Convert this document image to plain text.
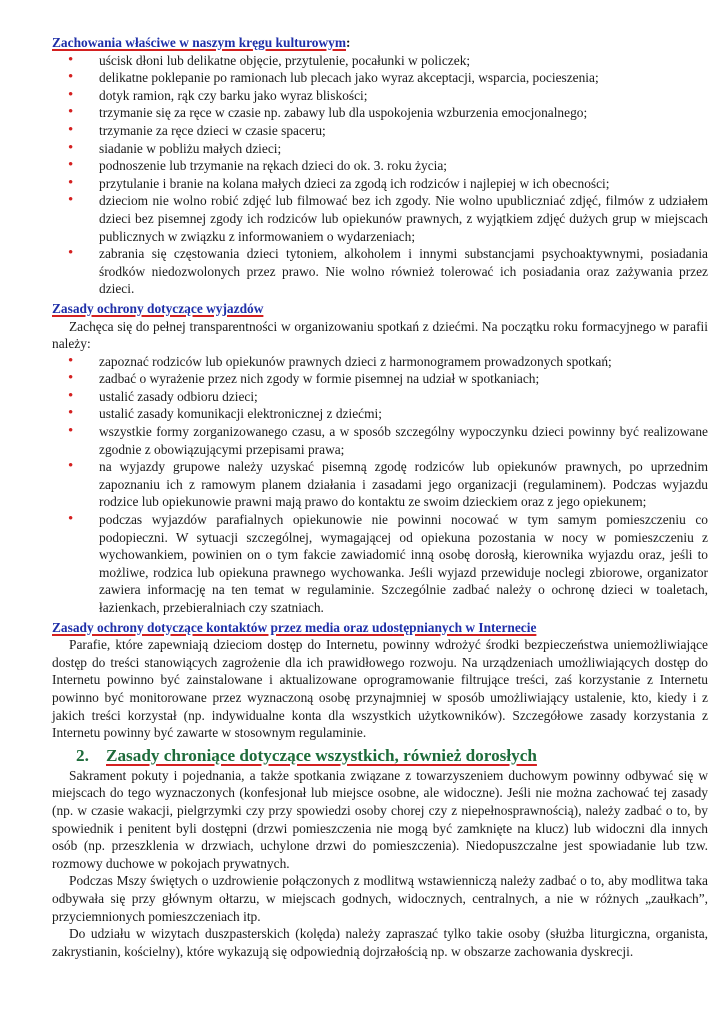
Zachowania właściwe w naszym kręgu kulturowym:
• uścisk dłoni lub delikatne objęcie, przytulenie, pocałunki w policzek;
• delikatne poklepanie po ramionach lub plecach jako wyraz akceptacji, wsparcia, pocieszenia;
• dotyk ramion, rąk czy barku jako wyraz bliskości;
• trzymanie się za ręce w czasie np. zabawy lub dla uspokojenia wzburzenia emocjonalnego;
• trzymanie za ręce dzieci w czasie spaceru;
• siadanie w pobliżu małych dzieci;
• podnoszenie lub trzymanie na rękach dzieci do ok. 3. roku życia;
• przytulanie i branie na kolana małych dzieci za zgodą ich rodziców i najlepiej w ich obecności;
• dzieciom nie wolno robić zdjęć lub filmować bez ich zgody. Nie wolno upubliczniać zdjęć, filmów z udziałem dzieci bez pisemnej zgody ich rodziców lub opiekunów prawnych, z wyjątkiem zdjęć dużych grup w miejscach publicznych w związku z informowaniem o wydarzeniach;
• zabrania się częstowania dzieci tytoniem, alkoholem i innymi substancjami psychoaktywnymi, posiadania środków niedozwolonych przez prawo. Nie wolno również tolerować ich posiadania oraz zażywania przez dzieci.
Zasady ochrony dotyczące wyjazdów

Zachęca się do pełnej transparentności w organizowaniu spotkań z dziećmi. Na początku roku formacyjnego w parafii należy:

• zapoznać rodziców lub opiekunów prawnych dzieci z harmonogramem prowadzonych spotkań;
• zadbać o wyrażenie przez nich zgody w formie pisemnej na udział w spotkaniach;
• ustalić zasady odbioru dzieci;
• ustalić zasady komunikacji elektronicznej z dziećmi;
• wszystkie formy zorganizowanego czasu, a w sposób szczególny wypoczynku dzieci powinny być realizowane zgodnie z obowiązującymi przepisami prawa;
• na wyjazdy grupowe należy uzyskać pisemną zgodę rodziców lub opiekunów prawnych, po uprzednim zapoznaniu ich z ramowym planem działania i zasadami jego organizacji (regulaminem). Podczas wyjazdu rodzice lub opiekunowie prawni mają prawo do kontaktu ze swoim dzieckiem oraz z jego opiekunem;
• podczas wyjazdów parafialnych opiekunowie nie powinni nocować w tym samym pomieszczeniu co podopieczni. W sytuacji szczególnej, wymagającej od opiekuna pozostania w nocy w pomieszczeniu z wychowankiem, powinien on o tym fakcie zawiadomić inną osobę dorosłą, kierownika wyjazdu oraz, jeśli to możliwe, rodzica lub opiekuna prawnego wychowanka. Jeśli wyjazd przewiduje noclegi zbiorowe, organizator zawiera informację na ten temat w regulaminie. Szczególnie zadbać należy o ochronę dzieci w toaletach, łazienkach, przebieralniach czy szatniach.
Zasady ochrony dotyczące kontaktów przez media oraz udostępnianych w Internecie

Parafie, które zapewniają dzieciom dostęp do Internetu, powinny wdrożyć środki bezpieczeństwa uniemożliwiające dostęp do treści stanowiących zagrożenie dla ich prawidłowego rozwoju. Na urządzeniach umożliwiających dostęp do Internetu powinno być zainstalowane i aktualizowane oprogramowanie filtrujące treści, zaś korzystanie z Internetu powinno być monitorowane przez wyznaczoną osobę przynajmniej w sposób umożliwiający ustalenie, kto, kiedy i z jakich treści korzystał (np. indywidualne konta dla wszystkich użytkowników). Szczegółowe zasady korzystania z Internetu powinny być zawarte w stosownym regulaminie.

2. Zasady chroniące dotyczące wszystkich, również dorosłych

Sakrament pokuty i pojednania, a także spotkania związane z towarzyszeniem duchowym powinny odbywać się w miejscach do tego wyznaczonych (konfesjonał lub miejsce osobne, ale widoczne). Jeśli nie można zachować tej zasady (np. w czasie wakacji, pielgrzymki czy przy spowiedzi osoby chorej czy z niepełnosprawnością), należy zadbać o to, by spowiednik i penitent byli dostępni (drzwi pomieszczenia nie mogą być zamknięte na klucz) lub widoczni dla innych osób (np. przeszklenia w drzwiach, uchylone drzwi do pomieszczenia). Niedopuszczalne jest spowiadanie lub tzw. rozmowy duchowe w pokojach prywatnych.

Podczas Mszy świętych o uzdrowienie połączonych z modlitwą wstawienniczą należy zadbać o to, aby modlitwa taka odbywała się przy głównym ołtarzu, w miejscach godnych, widocznych, centralnych, a nie w różnych „zaułkach”, przyciemnionych pomieszczeniach itp.

Do udziału w wizytach duszpasterskich (kolęda) należy zapraszać tylko takie osoby (służba liturgiczna, organista, zakrystianin, kościelny), które wykazują się odpowiednią dojrzałością np. w obszarze zachowania dyskrecji.
